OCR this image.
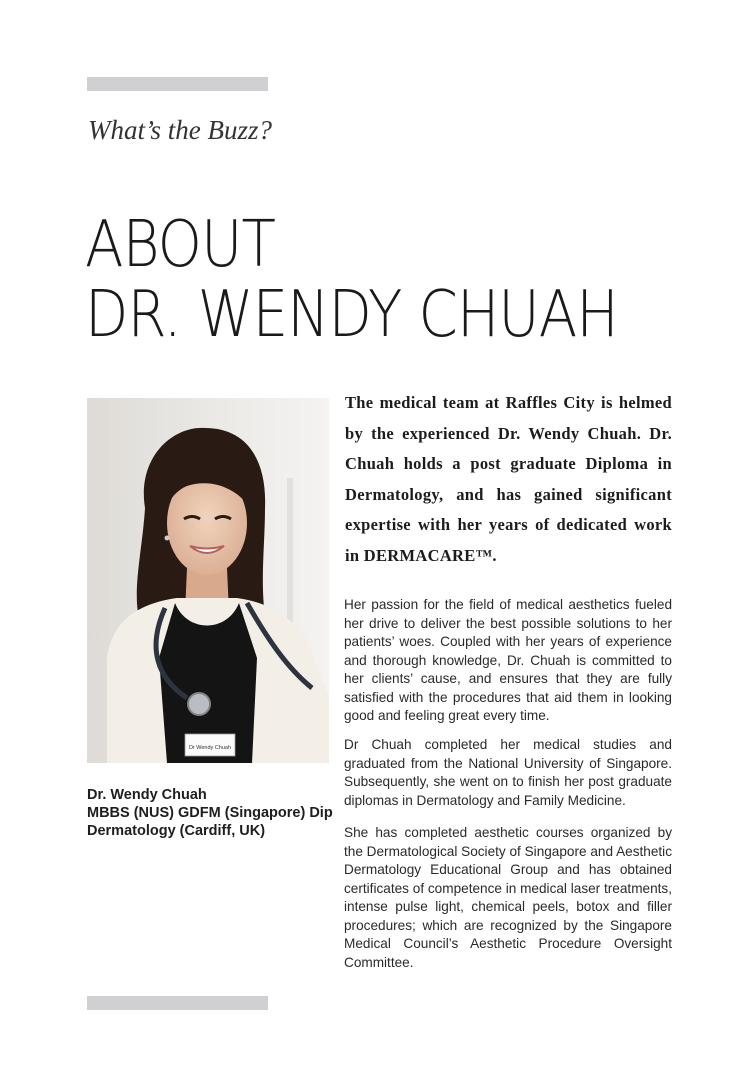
What’s the Buzz?
ABOUT
DR. WENDY CHUAH
Dr Wendy Chuah
Dr. Wendy Chuah
MBBS (NUS) GDFM (Singapore) Dip
Dermatology (Cardiff, UK)

The medical team at Raffles City is helmed by the experienced Dr. Wendy Chuah. Dr. Chuah holds a post graduate Diploma in Dermatology, and has gained significant expertise with her years of dedicated work in DERMACARE™.

Her passion for the field of medical aesthetics fueled her drive to deliver the best possible solutions to her patients’ woes. Coupled with her years of experience and thorough knowledge, Dr. Chuah is committed to her clients’ cause, and ensures that they are fully satisfied with the procedures that aid them in looking good and feeling great every time.

Dr Chuah completed her medical studies and graduated from the National University of Singapore. Subsequently, she went on to finish her post graduate diplomas in Dermatology and Family Medicine.

She has completed aesthetic courses organized by the Dermatological Society of Singapore and Aesthetic Dermatology Educational Group and has obtained certificates of competence in medical laser treatments, intense pulse light, chemical peels, botox and filler procedures; which are recognized by the Singapore Medical Council’s Aesthetic Procedure Oversight Committee.
